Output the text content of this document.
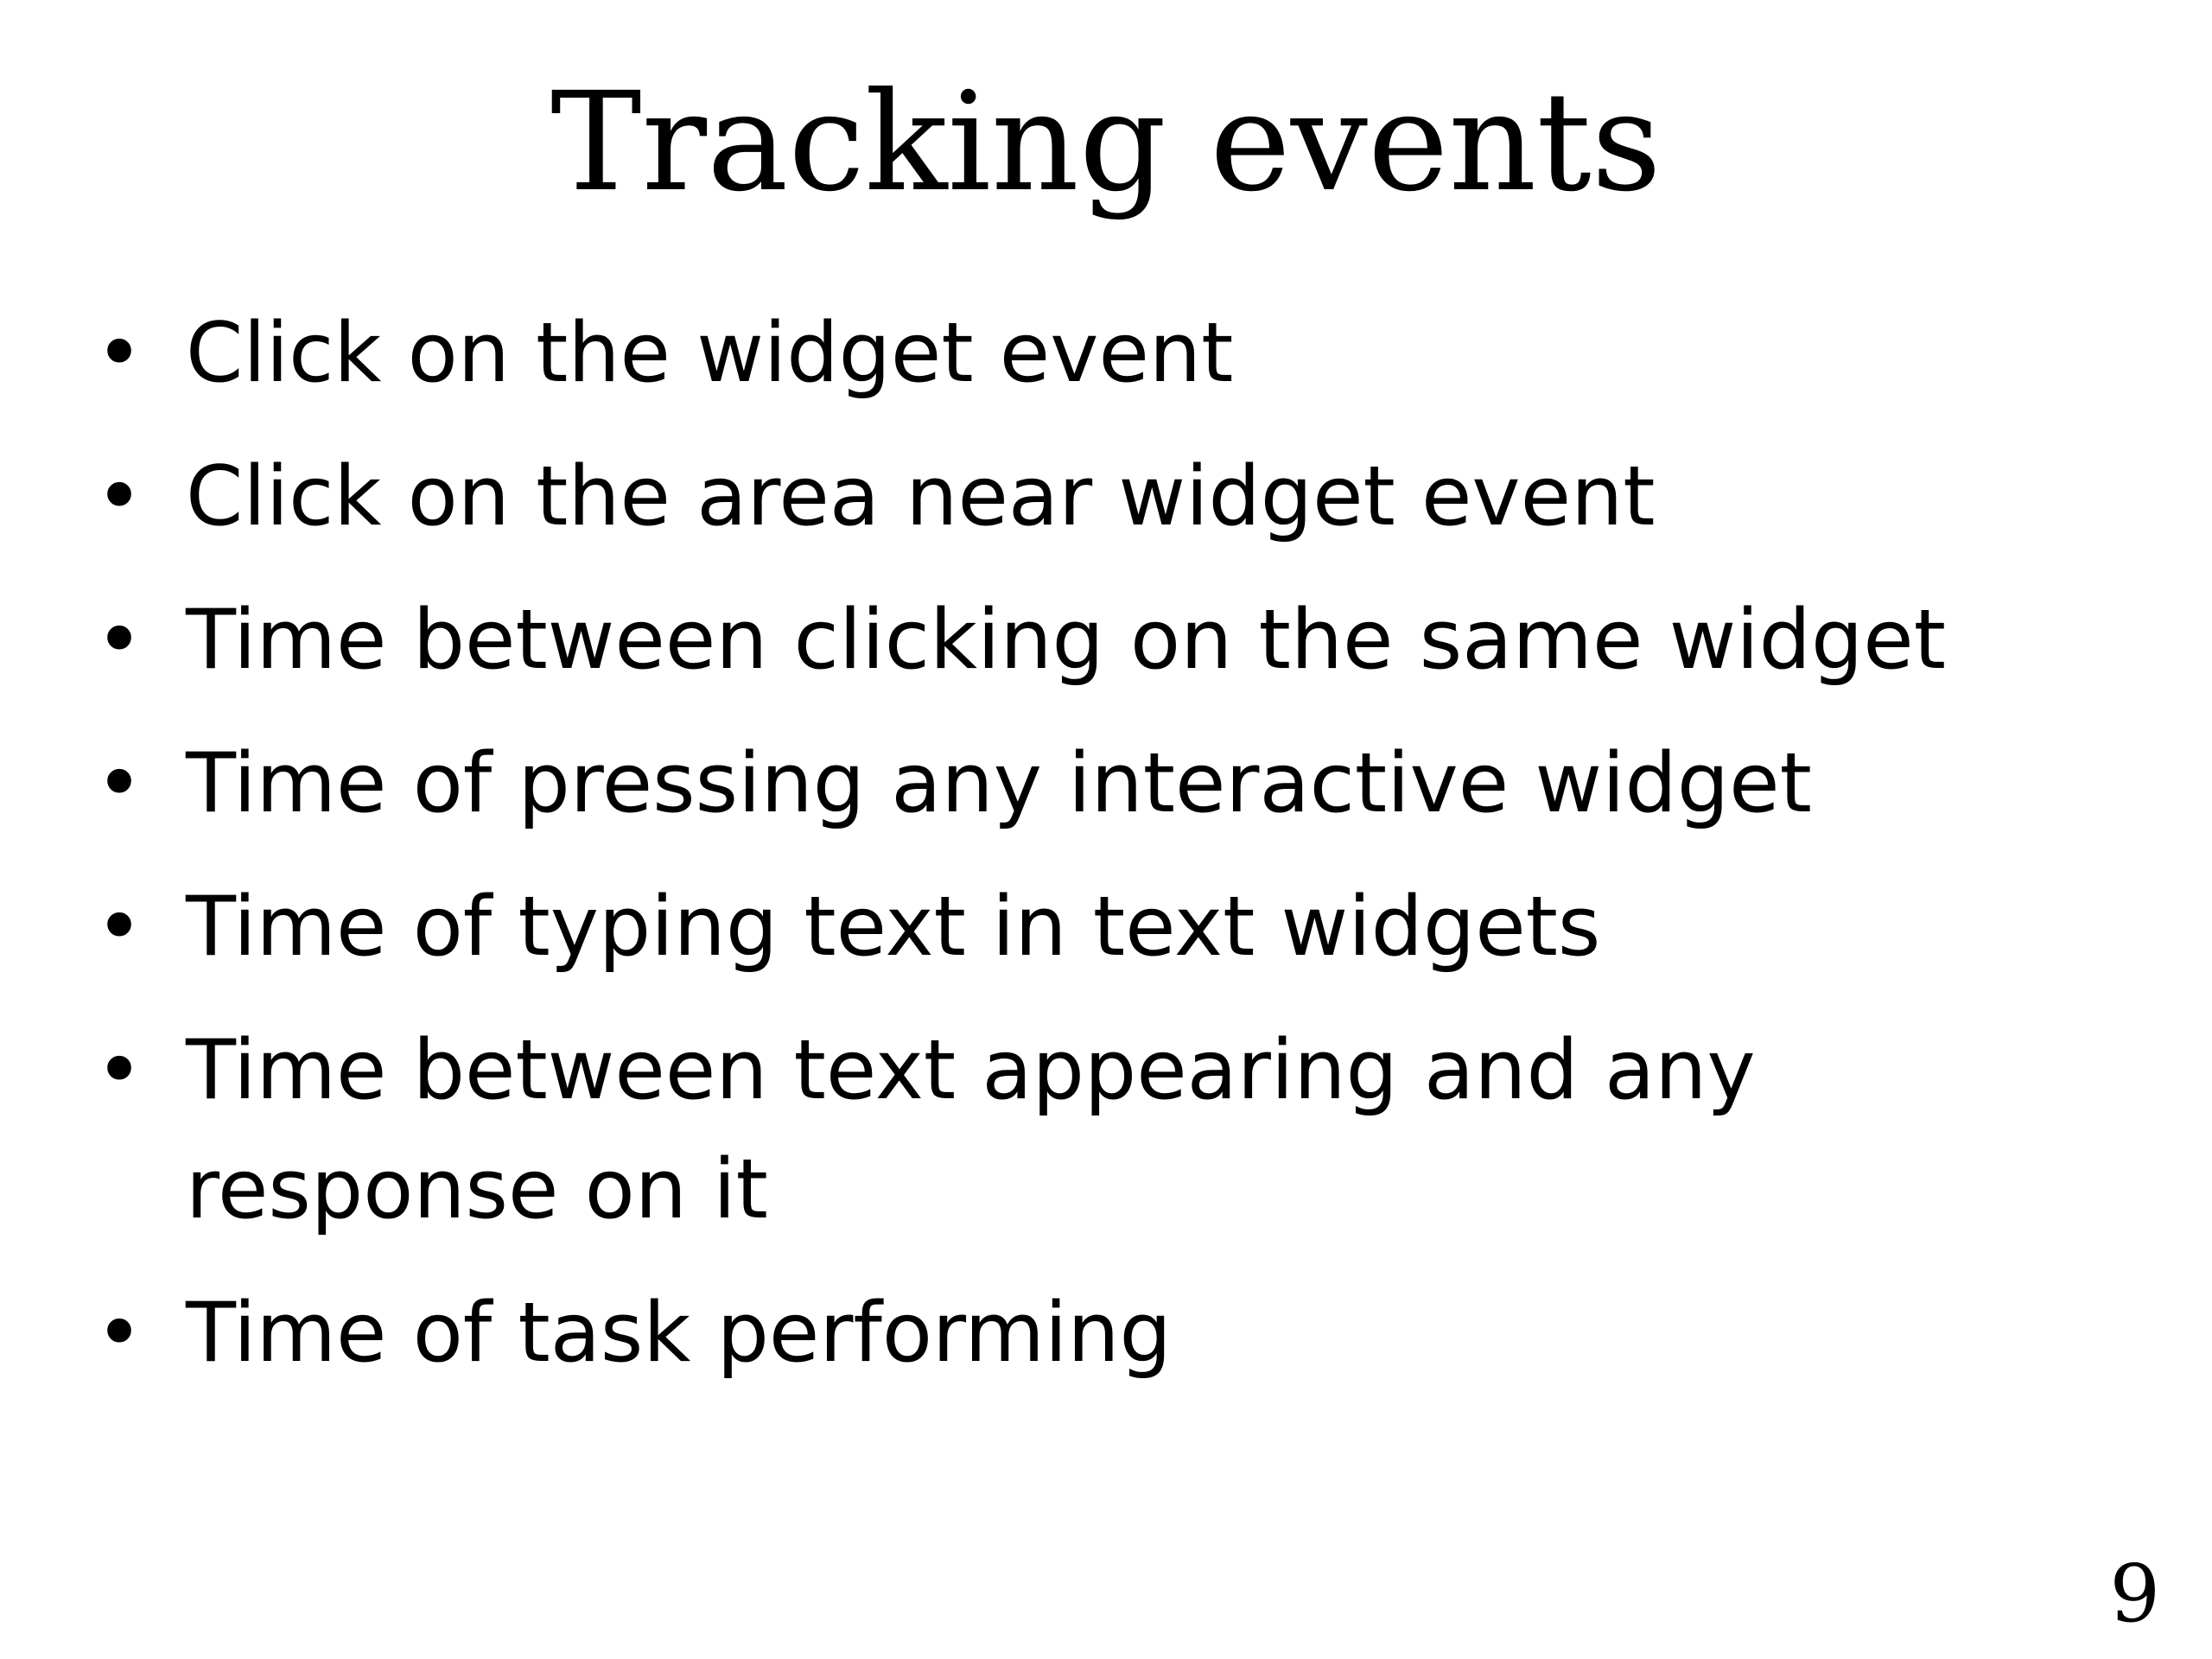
Tracking events
• Click on the widget event
• Click on the area near widget event
• Time between clicking on the same widget
• Time of pressing any interactive widget
• Time of typing text in text widgets
• Time between text appearing and any response on it
• Time of task performing
9
